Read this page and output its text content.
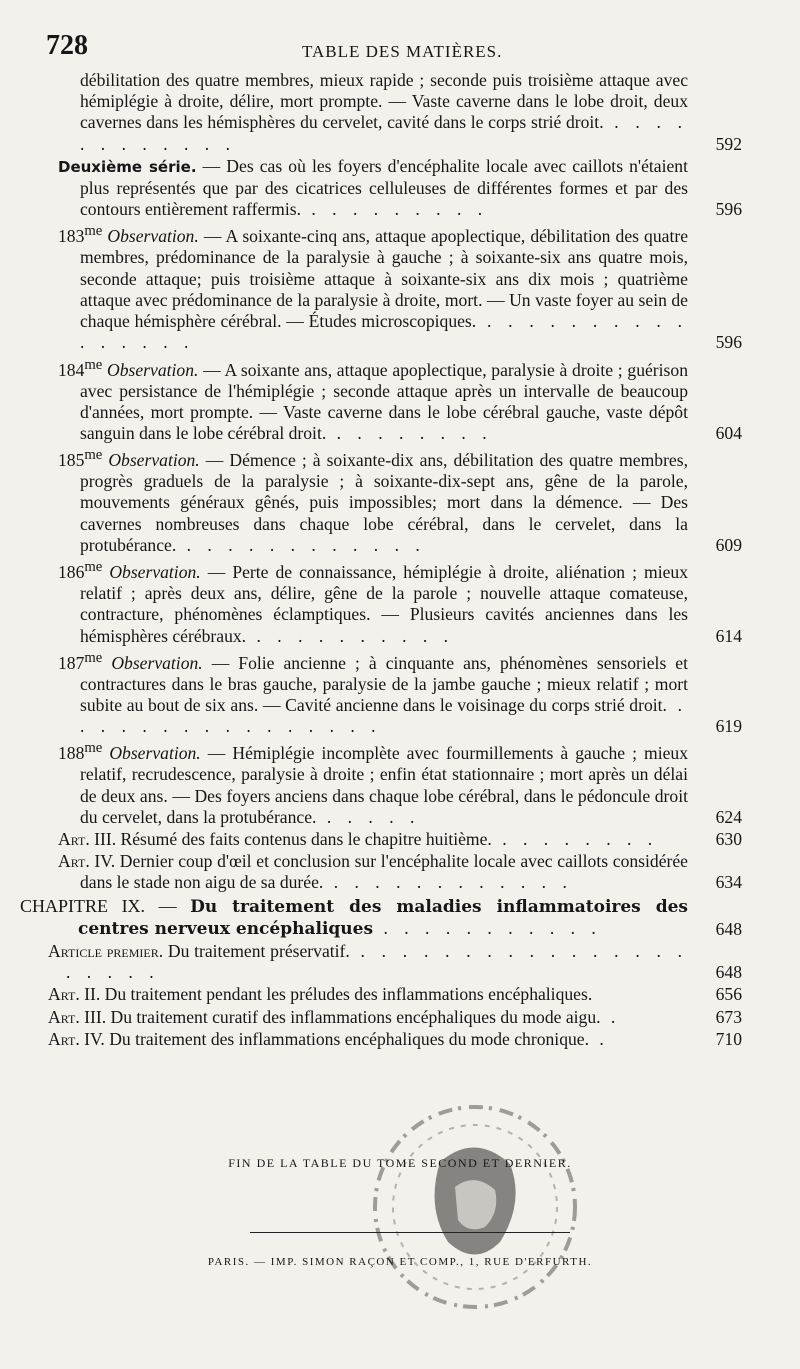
728	TABLE DES MATIÈRES.
débilitation des quatre membres, mieux rapide ; seconde puis troisième attaque avec hémiplégie à droite, délire, mort prompte. — Vaste caverne dans le lobe droit, deux cavernes dans les hémisphères du cervelet, cavité dans le corps strié droit. . . . . . . . . . . . .	592
Deuxième série. — Des cas où les foyers d'encéphalite locale avec caillots n'étaient plus représentés que par des cicatrices celluleuses de différentes formes et par des contours entièrement raffermis. . . . . . . . . .	596
$183^{me}$ Observation. — A soixante-cinq ans, attaque apoplectique, débilitation des quatre membres, prédominance de la paralysie à gauche ; à soixante-six ans quatre mois, seconde attaque; puis troisième attaque à soixante-six ans dix mois ; quatrième attaque avec prédominance de la paralysie à droite, mort. — Un vaste foyer au sein de chaque hémisphère cérébral. — Études microscopiques. . . . . . . . . . . . . . . . .	596
$184^{me}$ Observation. — A soixante ans, attaque apoplectique, paralysie à droite ; guérison avec persistance de l'hémiplégie ; seconde attaque après un intervalle de beaucoup d'années, mort prompte. — Vaste caverne dans le lobe cérébral gauche, vaste dépôt sanguin dans le lobe cérébral droit. . . . . . . . .	604
$185^{me}$ Observation. — Démence ; à soixante-dix ans, débilitation des quatre membres, progrès graduels de la paralysie ; à soixante-dix-sept ans, gêne de la parole, mouvements généraux gênés, puis impossibles; mort dans la démence. — Des cavernes nombreuses dans chaque lobe cérébral, dans le cervelet, dans la protubérance. . . . . . . . . . . . .	609
$186^{me}$ Observation. — Perte de connaissance, hémiplégie à droite, aliénation ; mieux relatif ; après deux ans, délire, gêne de la parole ; nouvelle attaque comateuse, contracture, phénomènes éclamptiques. — Plusieurs cavités anciennes dans les hémisphères cérébraux. . . . . . . . . . .	614
$187^{me}$ Observation. — Folie ancienne ; à cinquante ans, phénomènes sensoriels et contractures dans le bras gauche, paralysie de la jambe gauche ; mieux relatif ; mort subite au bout de six ans. — Cavité ancienne dans le voisinage du corps strié droit. . . . . . . . . . . . . . . . .	619
$188^{me}$ Observation. — Hémiplégie incomplète avec fourmillements à gauche ; mieux relatif, recrudescence, paralysie à droite ; enfin état stationnaire ; mort après un délai de deux ans. — Des foyers anciens dans chaque lobe cérébral, dans le pédoncule droit du cervelet, dans la protubérance. . . . . .	624
Art. III. Résumé des faits contenus dans le chapitre huitième. . . . . . . . .	630
Art. IV. Dernier coup d'œil et conclusion sur l'encéphalite locale avec caillots considérée dans le stade non aigu de sa durée. . . . . . . . . . . . .	634
CHAPITRE IX. — Du traitement des maladies inflammatoires des centres nerveux encéphaliques . . . . . . . . . . .	648
Article premier. Du traitement préservatif. . . . . . . . . . . . . . . . . . . . . .	648
Art. II. Du traitement pendant les préludes des inflammations encéphaliques.	656
Art. III. Du traitement curatif des inflammations encéphaliques du mode aigu. .	673
Art. IV. Du traitement des inflammations encéphaliques du mode chronique. .	710
FIN DE LA TABLE DU TOME SECOND ET DERNIER.
PARIS. — IMP. SIMON RAÇON ET COMP., 1, RUE D'ERFURTH.
